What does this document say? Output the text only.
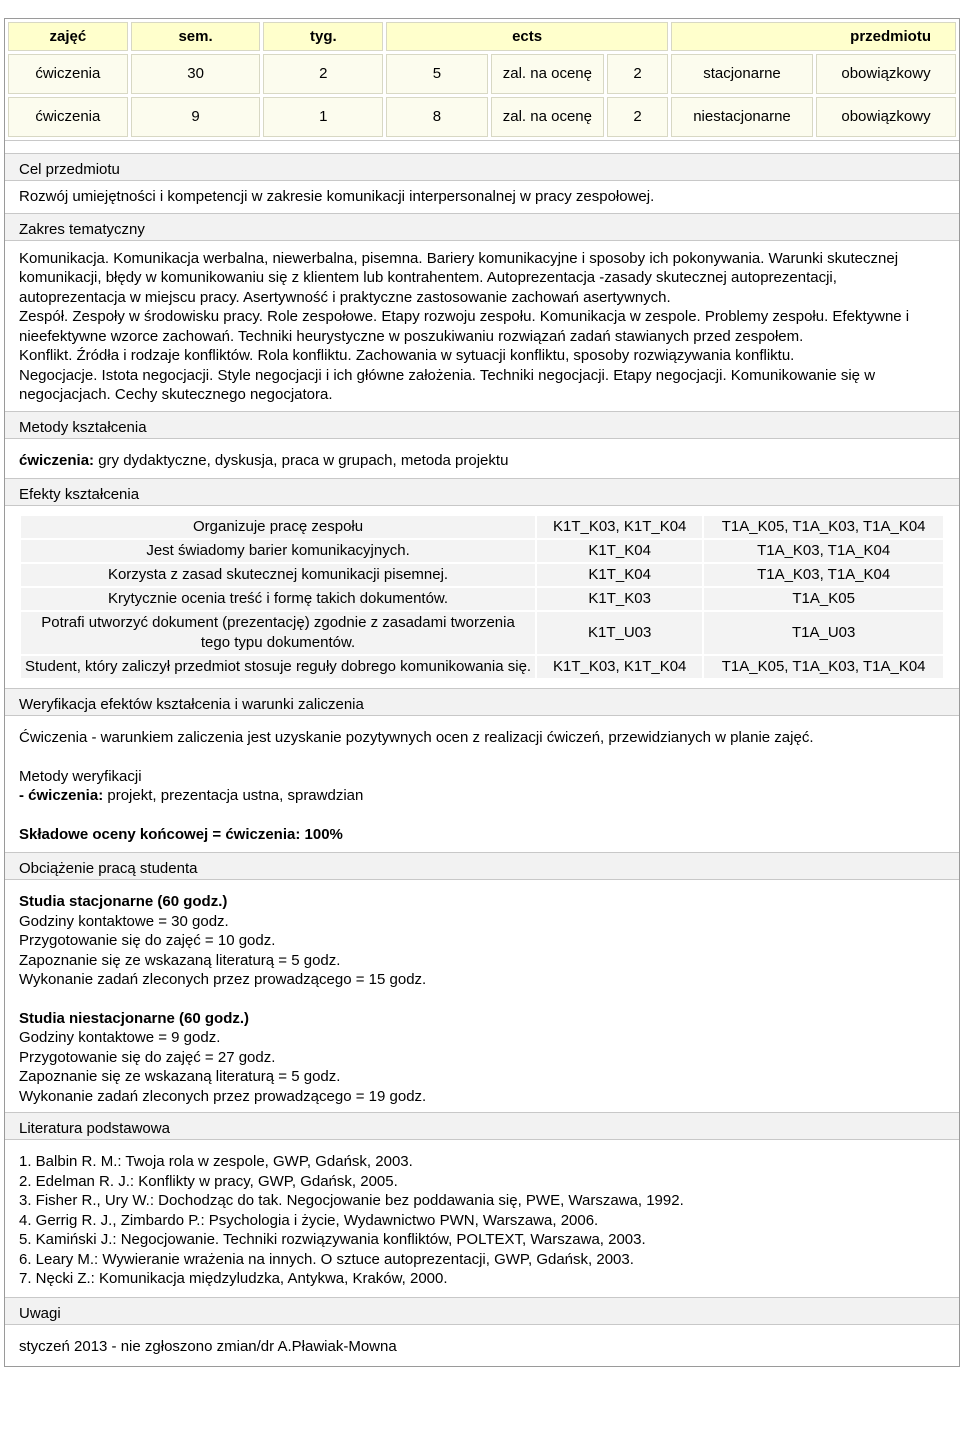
zajęć	sem.	tyg.	ects			przedmiotu	
ćwiczenia	30	2	5	zal. na ocenę	2	stacjonarne	obowiązkowy
ćwiczenia	9	1	8	zal. na ocenę	2	niestacjonarne	obowiązkowy
Cel przedmiotu
Rozwój umiejętności i kompetencji w zakresie komunikacji interpersonalnej w pracy zespołowej.
Zakres tematyczny

Komunikacja. Komunikacja werbalna, niewerbalna, pisemna. Bariery komunikacyjne i sposoby ich pokonywania. Warunki skutecznej komunikacji, błędy w komunikowaniu się z klientem lub kontrahentem. Autoprezentacja -zasady skutecznej autoprezentacji, autoprezentacja w miejscu pracy. Asertywność i praktyczne zastosowanie zachowań asertywnych.

Zespół. Zespoły w środowisku pracy. Role zespołowe. Etapy rozwoju zespołu. Komunikacja w zespole. Problemy zespołu. Efektywne i nieefektywne wzorce zachowań. Techniki heurystyczne w poszukiwaniu rozwiązań zadań stawianych przed zespołem.

Konflikt. Źródła i rodzaje konfliktów. Rola konfliktu. Zachowania w sytuacji konfliktu, sposoby rozwiązywania konfliktu.

Negocjacje. Istota negocjacji. Style negocjacji i ich główne założenia. Techniki negocjacji. Etapy negocjacji. Komunikowanie się w negocjacjach. Cechy skutecznego negocjatora.

Metody kształcenia
ćwiczenia: gry dydaktyczne, dyskusja, praca w grupach, metoda projektu
Efekty kształcenia
Organizuje pracę zespołu	K1T_K03, K1T_K04	T1A_K05, T1A_K03, T1A_K04
Jest świadomy barier komunikacyjnych.	K1T_K04	T1A_K03, T1A_K04
Korzysta z zasad skutecznej komunikacji pisemnej.	K1T_K04	T1A_K03, T1A_K04
Krytycznie ocenia treść i formę takich dokumentów.	K1T_K03	T1A_K05
Potrafi utworzyć dokument (prezentację) zgodnie z zasadami tworzenia tego typu dokumentów.	K1T_U03	T1A_U03
Student, który zaliczył przedmiot stosuje reguły dobrego komunikowania się.	K1T_K03, K1T_K04	T1A_K05, T1A_K03, T1A_K04
Weryfikacja efektów kształcenia i warunki zaliczenia

Ćwiczenia - warunkiem zaliczenia jest uzyskanie pozytywnych ocen z realizacji ćwiczeń, przewidzianych w planie zajęć.

Metody weryfikacji

- ćwiczenia: projekt, prezentacja ustna, sprawdzian

Składowe oceny końcowej = ćwiczenia: 100%

Obciążenie pracą studenta

Studia stacjonarne (60 godz.)

Godziny kontaktowe = 30 godz.

Przygotowanie się do zajęć = 10 godz.

Zapoznanie się ze wskazaną literaturą = 5 godz.

Wykonanie zadań zleconych przez prowadzącego = 15 godz.

Studia niestacjonarne (60 godz.)

Godziny kontaktowe = 9 godz.

Przygotowanie się do zajęć = 27 godz.

Zapoznanie się ze wskazaną literaturą = 5 godz.

Wykonanie zadań zleconych przez prowadzącego = 19 godz.

Literatura podstawowa

1. Balbin R. M.: Twoja rola w zespole, GWP, Gdańsk, 2003.

2. Edelman R. J.: Konflikty w pracy, GWP, Gdańsk, 2005.

3. Fisher R., Ury W.: Dochodząc do tak. Negocjowanie bez poddawania się, PWE, Warszawa, 1992.

4. Gerrig R. J., Zimbardo P.: Psychologia i życie, Wydawnictwo PWN, Warszawa, 2006.

5. Kamiński J.: Negocjowanie. Techniki rozwiązywania konfliktów, POLTEXT, Warszawa, 2003.

6. Leary M.: Wywieranie wrażenia na innych. O sztuce autoprezentacji, GWP, Gdańsk, 2003.

7. Nęcki Z.: Komunikacja międzyludzka, Antykwa, Kraków, 2000.

Uwagi
styczeń 2013 - nie zgłoszono zmian/dr A.Pławiak-Mowna
